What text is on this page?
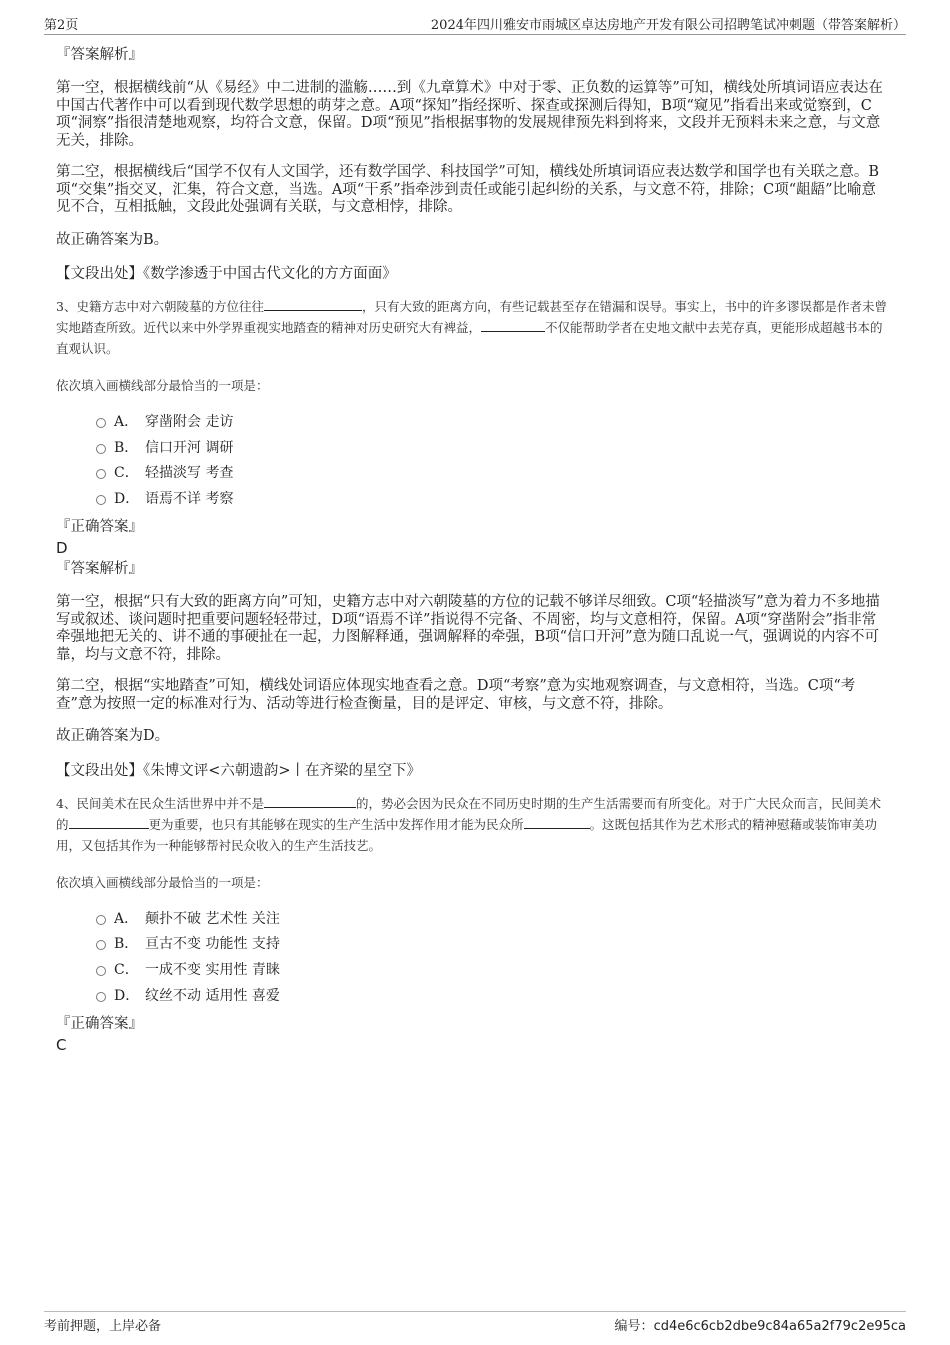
第2页	2024年四川雅安市雨城区卓达房地产开发有限公司招聘笔试冲刺题（带答案解析）

『答案解析』

第一空，根据横线前“从《易经》中二进制的滥觞……到《九章算术》中对于零、正负数的运算等”可知，横线处所填词语应表达在中国古代著作中可以看到现代数学思想的萌芽之意。A项“探知”指经探听、探查或探测后得知，B项“窥见”指看出来或觉察到，C项“洞察”指很清楚地观察，均符合文意，保留。D项“预见”指根据事物的发展规律预先料到将来，文段并无预料未来之意，与文意无关，排除。

第二空，根据横线后“国学不仅有人文国学，还有数学国学、科技国学”可知，横线处所填词语应表达数学和国学也有关联之意。B项“交集”指交叉，汇集，符合文意，当选。A项“干系”指牵涉到责任或能引起纠纷的关系，与文意不符，排除；C项“龃龉”比喻意见不合，互相抵触，文段此处强调有关联，与文意相悖，排除。

故正确答案为B。

【文段出处】《数学渗透于中国古代文化的方方面面》

3、史籍方志中对六朝陵墓的方位往往	，只有大致的距离方向，有些记载甚至存在错漏和误导。事实上，书中的许多谬误都是作者未曾实地踏查所致。近代以来中外学界重视实地踏查的精神对历史研究大有裨益，	不仅能帮助学者在史地文献中去芜存真，更能形成超越书本的直观认识。

依次填入画横线部分最恰当的一项是：

A． 穿凿附会 走访
B． 信口开河 调研
C． 轻描淡写 考查
D． 语焉不详 考察

『正确答案』

D

『答案解析』

第一空，根据“只有大致的距离方向”可知，史籍方志中对六朝陵墓的方位的记载不够详尽细致。C项“轻描淡写”意为着力不多地描写或叙述、谈问题时把重要问题轻轻带过，D项“语焉不详”指说得不完备、不周密，均与文意相符，保留。A项“穿凿附会”指非常牵强地把无关的、讲不通的事硬扯在一起，力图解释通，强调解释的牵强，B项“信口开河”意为随口乱说一气，强调说的内容不可靠，均与文意不符，排除。

第二空，根据“实地踏查”可知，横线处词语应体现实地查看之意。D项“考察”意为实地观察调查，与文意相符，当选。C项“考查”意为按照一定的标准对行为、活动等进行检查衡量，目的是评定、审核，与文意不符，排除。

故正确答案为D。

【文段出处】《朱博文评<六朝遗韵>丨在齐梁的星空下》

4、民间美术在民众生活世界中并不是	的，势必会因为民众在不同历史时期的生产生活需要而有所变化。对于广大民众而言，民间美术的	更为重要，也只有其能够在现实的生产生活中发挥作用才能为民众所	。这既包括其作为艺术形式的精神慰藉或装饰审美功用，又包括其作为一种能够帮衬民众收入的生产生活技艺。

依次填入画横线部分最恰当的一项是：

A． 颠扑不破 艺术性 关注
B． 亘古不变 功能性 支持
C． 一成不变 实用性 青睐
D． 纹丝不动 适用性 喜爱

『正确答案』

C

考前押题，上岸必备	编号：cd4e6c6cb2dbe9c84a65a2f79c2e95ca
